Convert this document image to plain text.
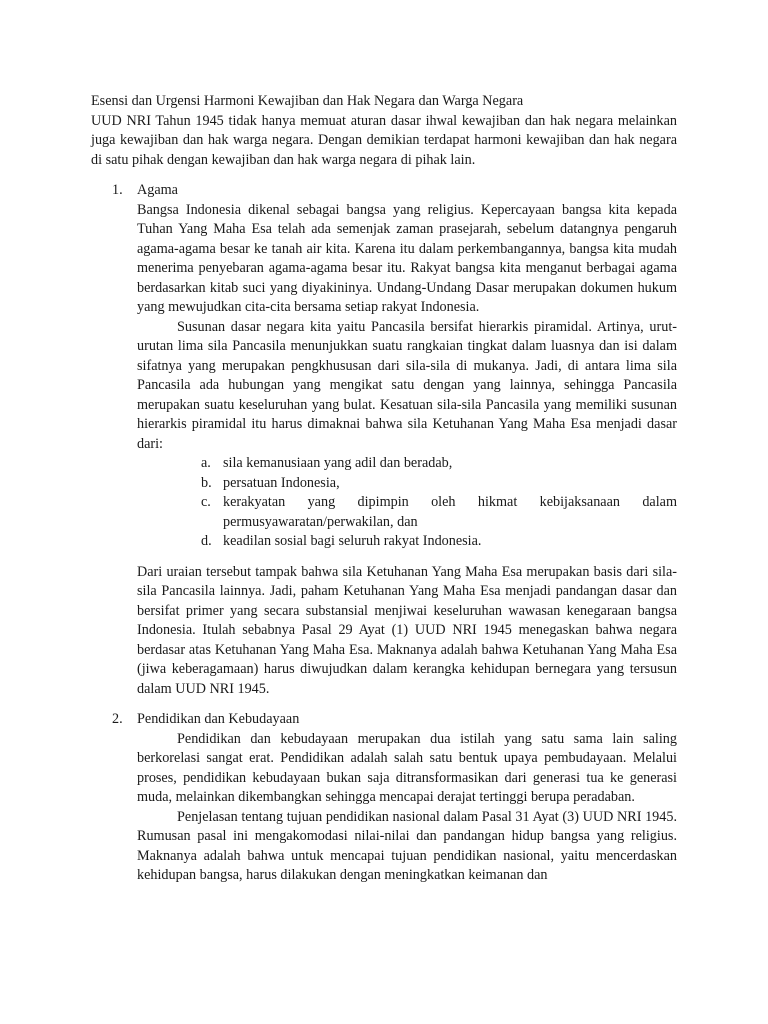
Esensi dan Urgensi Harmoni Kewajiban dan Hak Negara dan Warga Negara

UUD NRI Tahun 1945 tidak hanya memuat aturan dasar ihwal kewajiban dan hak negara melainkan juga kewajiban dan hak warga negara. Dengan demikian terdapat harmoni kewajiban dan hak negara di satu pihak dengan kewajiban dan hak warga negara di pihak lain.

1. Agama

Bangsa Indonesia dikenal sebagai bangsa yang religius. Kepercayaan bangsa kita kepada Tuhan Yang Maha Esa telah ada semenjak zaman prasejarah, sebelum datangnya pengaruh agama-agama besar ke tanah air kita. Karena itu dalam perkembangannya, bangsa kita mudah menerima penyebaran agama-agama besar itu. Rakyat bangsa kita menganut berbagai agama berdasarkan kitab suci yang diyakininya. Undang-Undang Dasar merupakan dokumen hukum yang mewujudkan cita-cita bersama setiap rakyat Indonesia.

Susunan dasar negara kita yaitu Pancasila bersifat hierarkis piramidal. Artinya, urut-urutan lima sila Pancasila menunjukkan suatu rangkaian tingkat dalam luasnya dan isi dalam sifatnya yang merupakan pengkhususan dari sila-sila di mukanya. Jadi, di antara lima sila Pancasila ada hubungan yang mengikat satu dengan yang lainnya, sehingga Pancasila merupakan suatu keseluruhan yang bulat. Kesatuan sila-sila Pancasila yang memiliki susunan hierarkis piramidal itu harus dimaknai bahwa sila Ketuhanan Yang Maha Esa menjadi dasar dari:

a. sila kemanusiaan yang adil dan beradab,
b. persatuan Indonesia,
c. kerakyatan yang dipimpin oleh hikmat kebijaksanaan dalam permusyawaratan/perwakilan, dan
d. keadilan sosial bagi seluruh rakyat Indonesia.

Dari uraian tersebut tampak bahwa sila Ketuhanan Yang Maha Esa merupakan basis dari sila-sila Pancasila lainnya. Jadi, paham Ketuhanan Yang Maha Esa menjadi pandangan dasar dan bersifat primer yang secara substansial menjiwai keseluruhan wawasan kenegaraan bangsa Indonesia. Itulah sebabnya Pasal 29 Ayat (1) UUD NRI 1945 menegaskan bahwa negara berdasar atas Ketuhanan Yang Maha Esa. Maknanya adalah bahwa Ketuhanan Yang Maha Esa (jiwa keberagamaan) harus diwujudkan dalam kerangka kehidupan bernegara yang tersusun dalam UUD NRI 1945.

2. Pendidikan dan Kebudayaan

Pendidikan dan kebudayaan merupakan dua istilah yang satu sama lain saling berkorelasi sangat erat. Pendidikan adalah salah satu bentuk upaya pembudayaan. Melalui proses, pendidikan kebudayaan bukan saja ditransformasikan dari generasi tua ke generasi muda, melainkan dikembangkan sehingga mencapai derajat tertinggi berupa peradaban.

Penjelasan tentang tujuan pendidikan nasional dalam Pasal 31 Ayat (3) UUD NRI 1945. Rumusan pasal ini mengakomodasi nilai-nilai dan pandangan hidup bangsa yang religius. Maknanya adalah bahwa untuk mencapai tujuan pendidikan nasional, yaitu mencerdaskan kehidupan bangsa, harus dilakukan dengan meningkatkan keimanan dan
